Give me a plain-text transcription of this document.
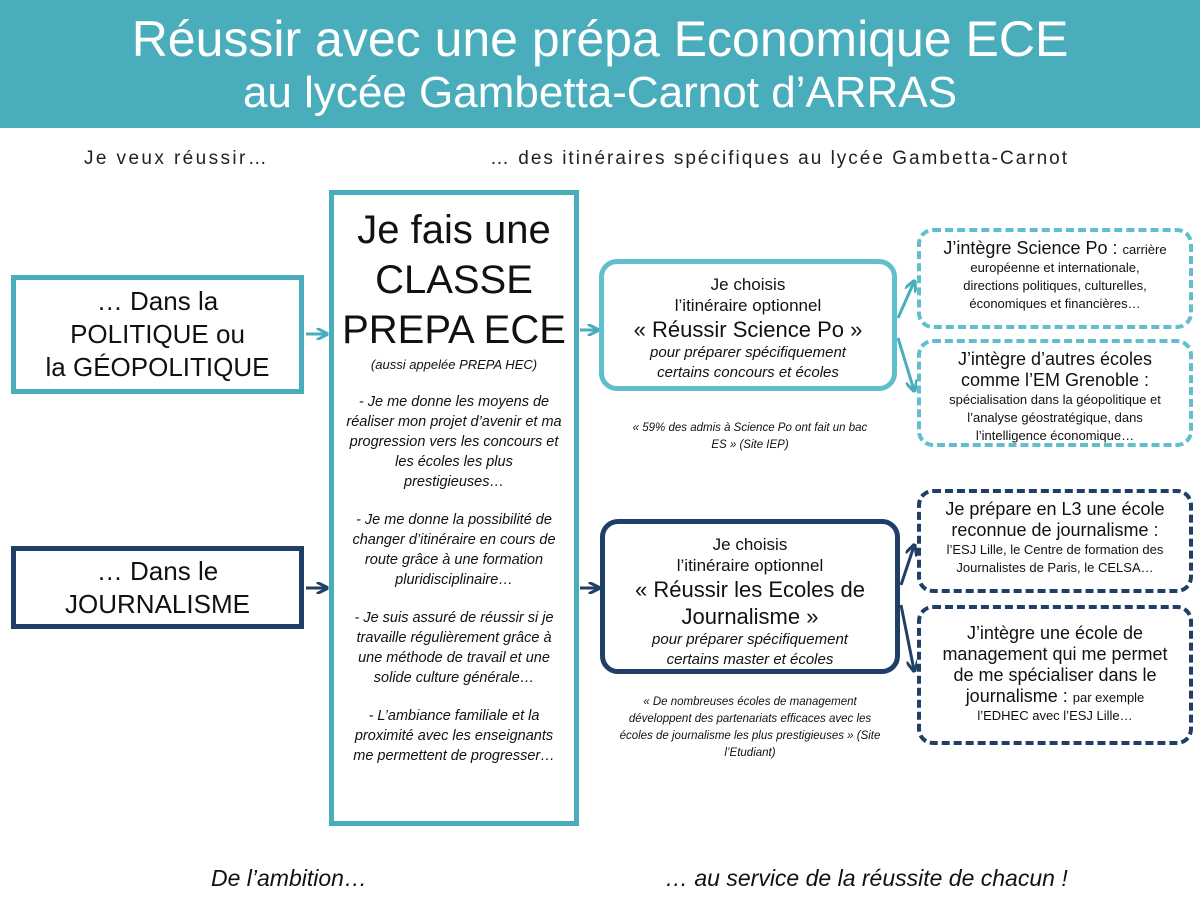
Réussir avec une prépa Economique ECE
au lycée Gambetta-Carnot d’ARRAS
Je veux réussir…	… des itinéraires spécifiques au lycée Gambetta-Carnot
… Dans la
POLITIQUE ou
la GÉOPOLITIQUE
… Dans le
JOURNALISME
Je fais une
CLASSE
PREPA ECE
(aussi appelée PREPA HEC)
- Je me donne les moyens de réaliser mon projet d’avenir et ma progression vers les concours et les écoles les plus prestigieuses…
- Je me donne la possibilité de changer d’itinéraire en cours de route grâce à une formation pluridisciplinaire…
- Je suis assuré de réussir si je travaille régulièrement grâce à une méthode de travail et une solide culture générale…
- L’ambiance familiale et la proximité avec les enseignants me permettent de progresser…
Je choisis
l’itinéraire optionnel
« Réussir Science Po »
pour préparer spécifiquement
certains concours et écoles
Je choisis
l’itinéraire optionnel
« Réussir les Ecoles de
Journalisme »
pour préparer spécifiquement
certains master et écoles
« 59% des admis à Science Po ont fait un bac ES » (Site IEP)
« De nombreuses écoles de management développent des partenariats efficaces avec les écoles de journalisme les plus prestigieuses » (Site l’Etudiant)
J’intègre Science Po : carrière
européenne et internationale,
directions politiques, culturelles,
économiques et financières…
J’intègre d’autres écoles
comme l’EM Grenoble :
spécialisation dans la géopolitique et
l’analyse géostratégique, dans
l’intelligence économique…
Je prépare en L3 une école
reconnue de journalisme :
l’ESJ Lille, le Centre de formation des
Journalistes de Paris, le CELSA…
J’intègre une école de
management qui me permet
de me spécialiser dans le
journalisme : par exemple
l’EDHEC avec l’ESJ Lille…
De l’ambition…	… au service de la réussite de chacun !
